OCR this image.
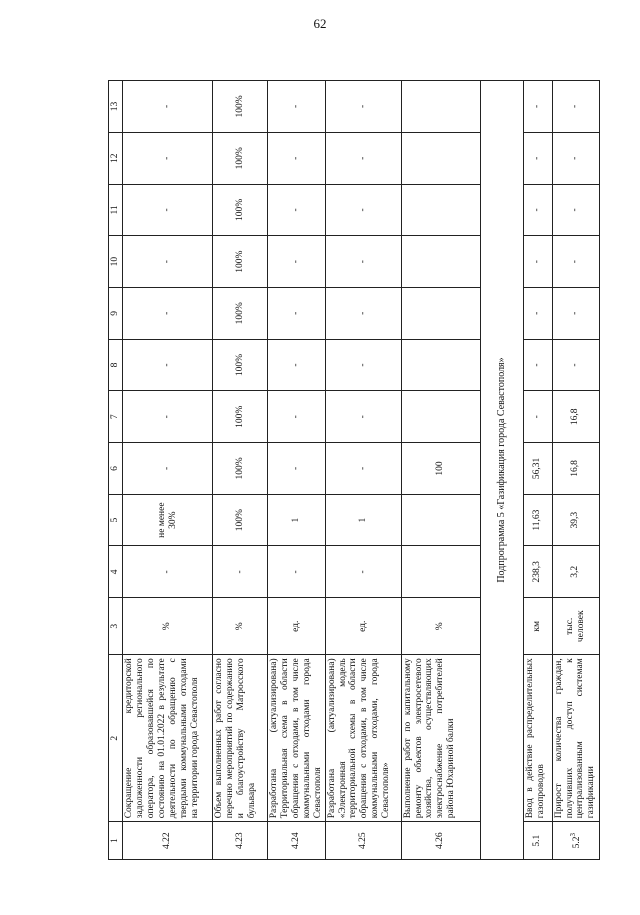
62
1	2	3	4	5	6	7	8	9	10	11	12	13
4.22	Сокращение кредиторской задолженности регионального оператора, образовавшейся по состоянию на 01.01.2022 в результате деятельности по обращению с твердыми коммунальными отходами на территории города Севастополя	%	-	не менее 30%	-	-	-	-	-	-	-	-
4.23	Объем выполненных работ согласно перечню мероприятий по содержанию и благоустройству Матросского бульвара	%	-	100%	100%	100%	100%	100%	100%	100%	100%	100%
4.24	Разработана (актуализирована) Территориальная схема в области обращения с отходами, в том числе коммунальными отходами города Севастополя	ед.	-	1	-	-	-	-	-	-	-	-
4.25	Разработана (актуализирована) «Электронная модель территориальной схемы в области обращения с отходами, в том числе коммунальными отходами, города Севастополя»	ед.	-	1	-	-	-	-	-	-	-	-
4.26	Выполнение работ по капитальному ремонту объектов электросетевого хозяйства, осуществляющих электроснабжение потребителей района Юхариной балки	%			100							
Подпрограмма 5 «Газификация города Севастополя»												
5.1	Ввод в действие распределительных газопроводов	км	238,3	11,63	56,31	-	-	-	-	-	-	-
$5.2^3$	Прирост количества граждан, получивших доступ к централизованным системам газификации	тыс. человек	3,2	39,3	16,8	16,8	-	-	-	-	-	-
